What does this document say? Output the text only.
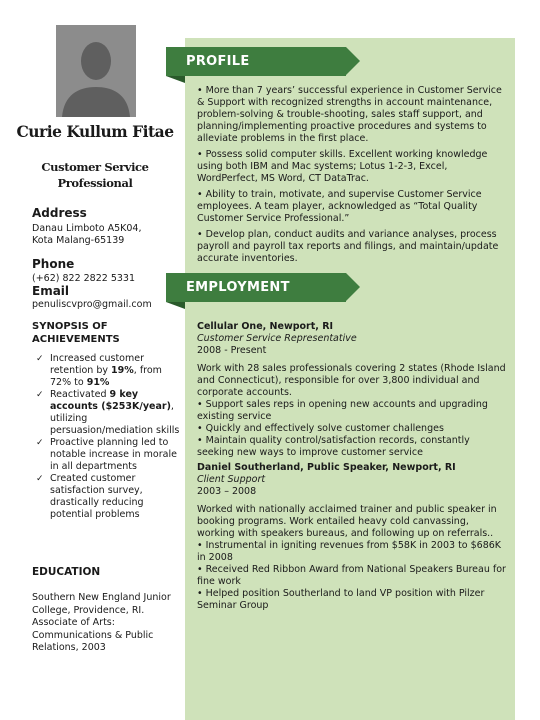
Curie Kullum Fitae
Customer Service
Professional
Address
Danau Limboto A5K04,
Kota Malang-65139
Phone
(+62) 822 2822 5331
Email
penuliscvpro@gmail.com
SYNOPSIS OF
ACHIEVEMENTS
✓ Increased customer retention by 19%, from 72% to 91%
✓ Reactivated 9 key accounts ($253K/year), utilizing persuasion/mediation skills
✓ Proactive planning led to notable increase in morale in all departments
✓ Created customer satisfaction survey, drastically reducing potential problems
EDUCATION
Southern New England Junior
College, Providence, RI.
Associate of Arts:
Communications & Public
Relations, 2003
PROFILE
• More than 7 years’ successful experience in Customer Service & Support with recognized strengths in account maintenance, problem-solving & trouble-shooting, sales staff support, and planning/implementing proactive procedures and systems to alleviate problems in the first place.
• Possess solid computer skills. Excellent working knowledge using both IBM and Mac systems; Lotus 1-2-3, Excel, WordPerfect, MS Word, CT DataTrac.
• Ability to train, motivate, and supervise Customer Service employees. A team player, acknowledged as “Total Quality Customer Service Professional.”
• Develop plan, conduct audits and variance analyses, process payroll and payroll tax reports and filings, and maintain/update accurate inventories.
EMPLOYMENT
Cellular One, Newport, RI
Customer Service Representative
2008 - Present
Work with 28 sales professionals covering 2 states (Rhode Island and Connecticut), responsible for over 3,800 individual and corporate accounts.
• Support sales reps in opening new accounts and upgrading existing service
• Quickly and effectively solve customer challenges
• Maintain quality control/satisfaction records, constantly seeking new ways to improve customer service
Daniel Southerland, Public Speaker, Newport, RI
Client Support
2003 – 2008
Worked with nationally acclaimed trainer and public speaker in booking programs. Work entailed heavy cold canvassing, working with speakers bureaus, and following up on referrals..
• Instrumental in igniting revenues from $58K in 2003 to $686K in 2008
• Received Red Ribbon Award from National Speakers Bureau for fine work
• Helped position Southerland to land VP position with Pilzer Seminar Group
